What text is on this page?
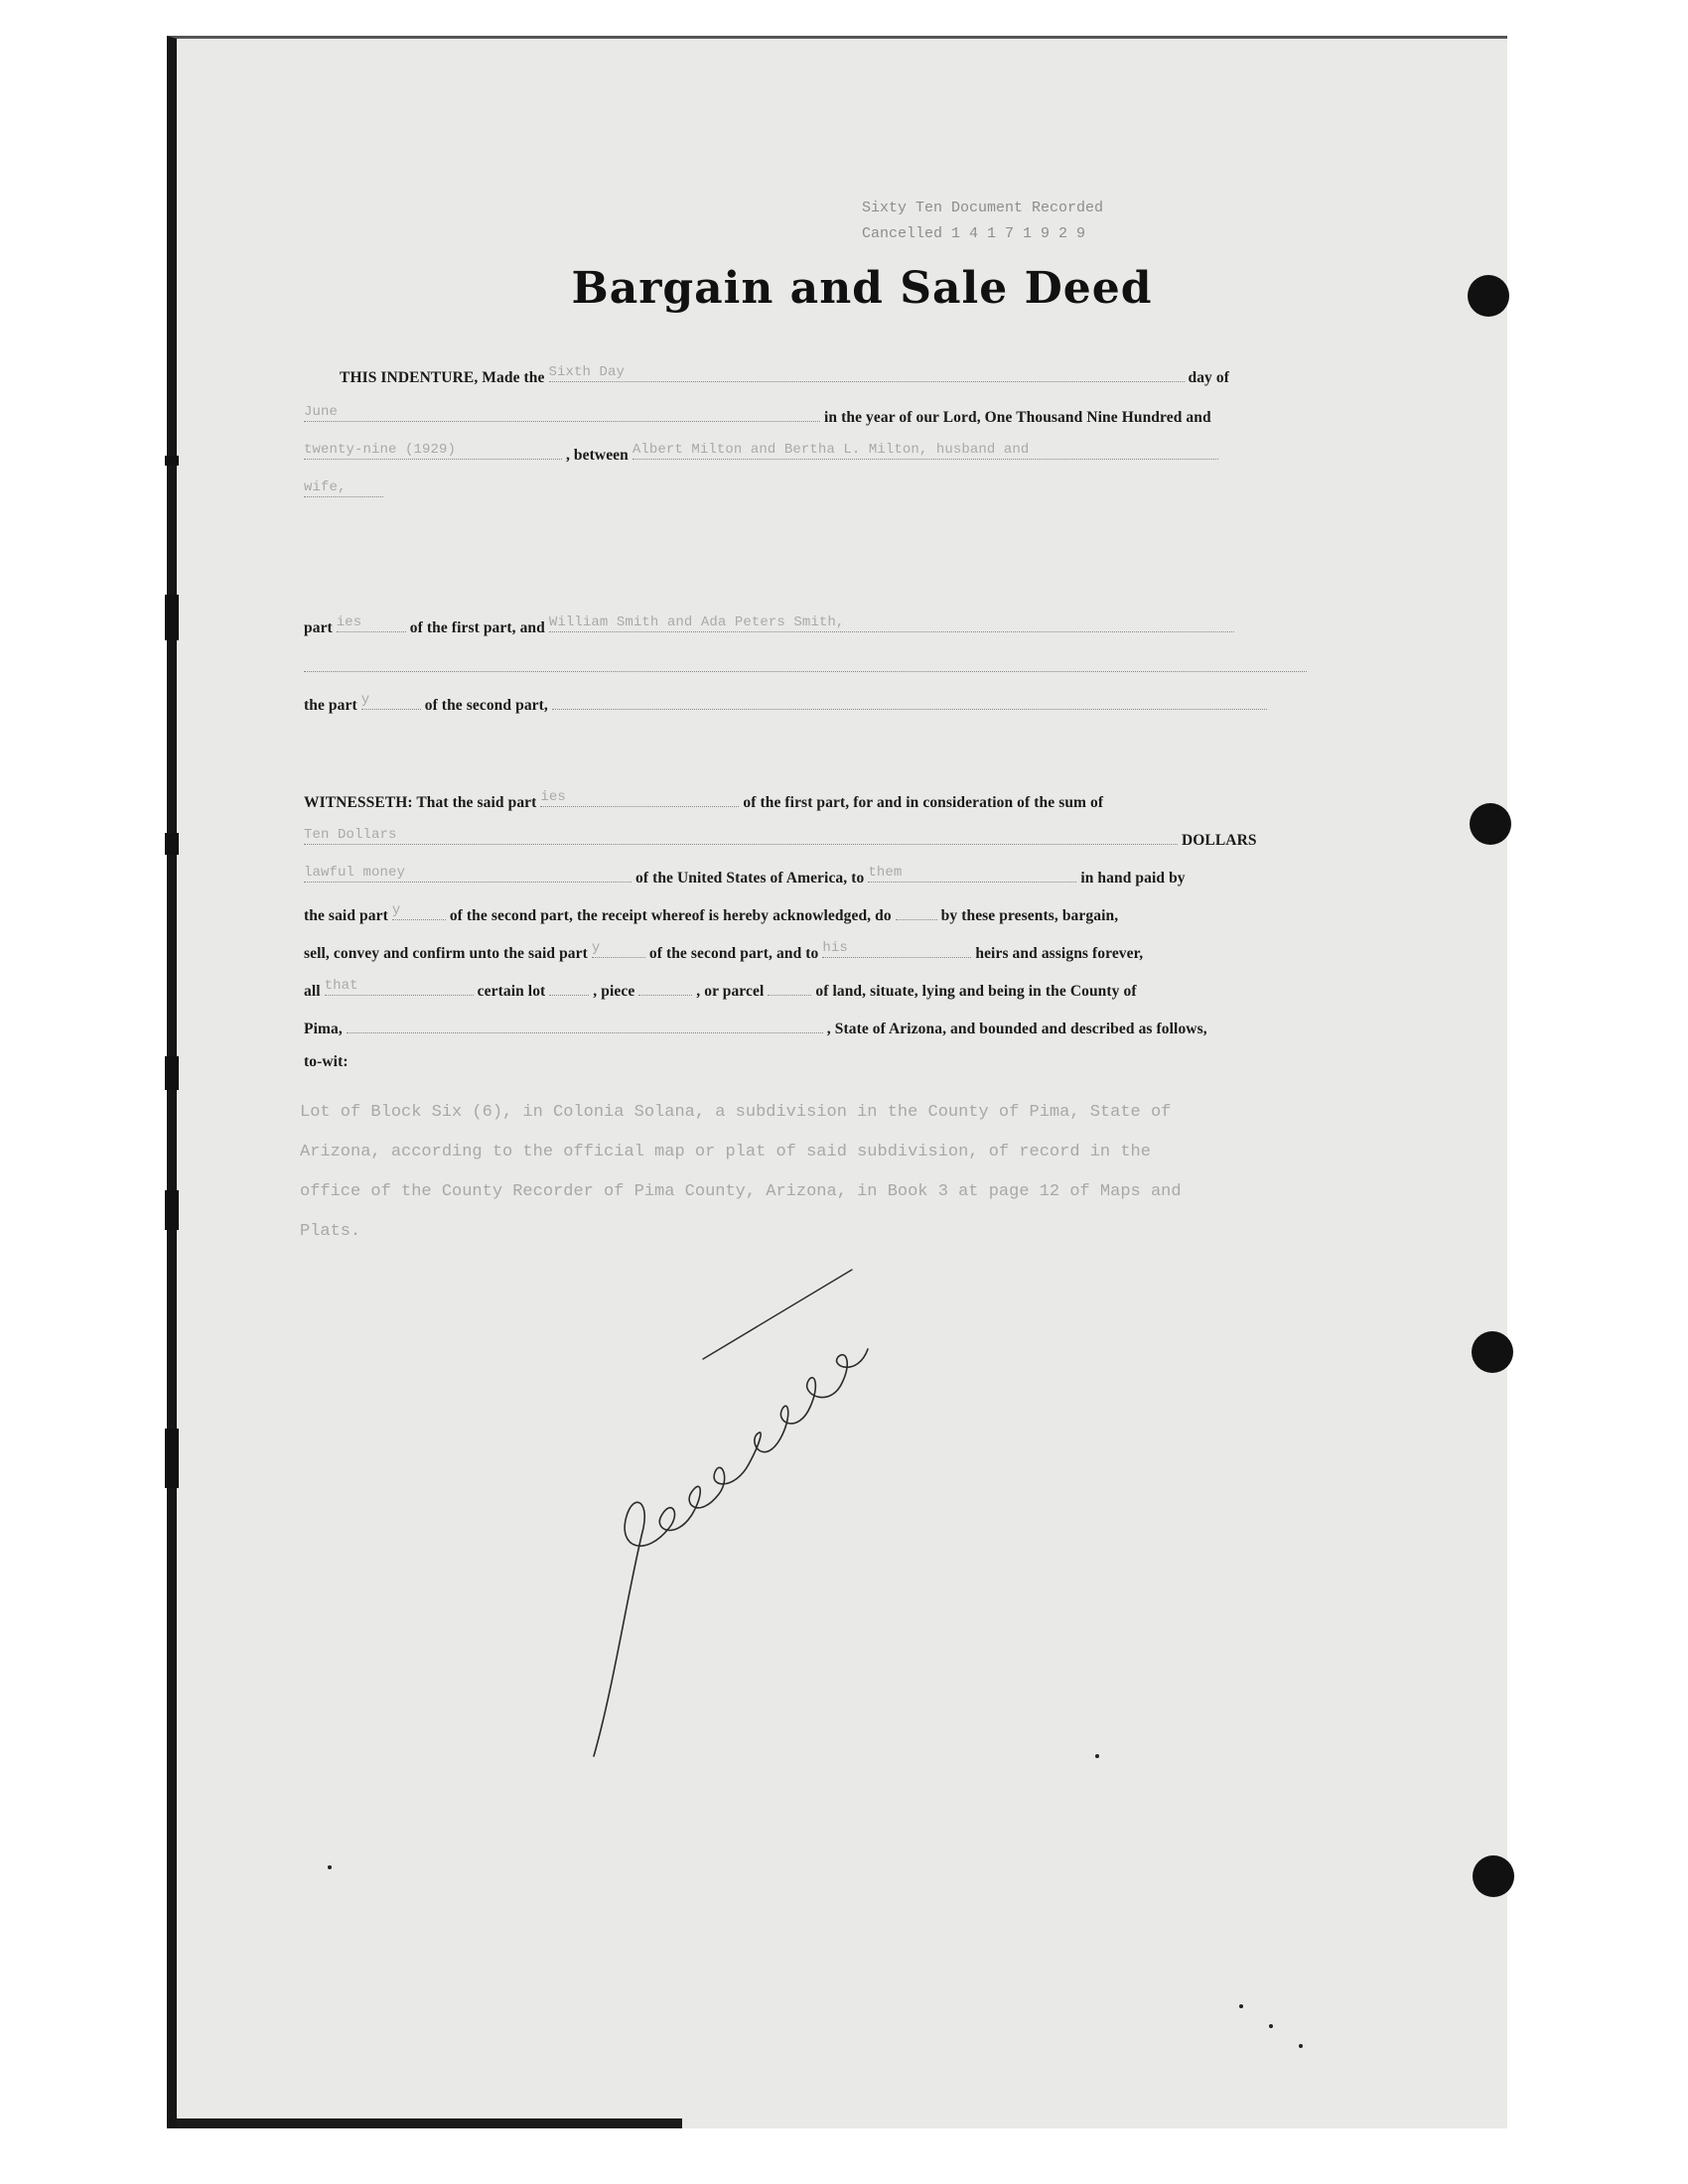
Sixty Ten Document Recorded
Cancelled 1 4 1 7 1 9 2 9
Bargain and Sale Deed
THIS INDENTURE, Made the Sixth Day	day of
June	in the year of our Lord, One Thousand Nine Hundred and
twenty-nine (1929)	, between Albert Milton and Bertha L. Milton, husband and
wife,
part ies	of the first part, and William Smith and Ada Peters Smith,
the part y	of the second part,
WITNESSETH: That the said part ies	of the first part, for and in consideration of the sum of
Ten Dollars	DOLLARS
lawful money	of the United States of America, to them	in hand paid by
the said part y	of the second part, the receipt whereof is hereby acknowledged, do	by these presents, bargain,
sell, convey and confirm unto the said part y	of the second part, and to his	heirs and assigns forever,
all that	certain lot	, piece	, or parcel	of land, situate, lying and being in the County of
Pima,	, State of Arizona, and bounded and described as follows,
to-wit:
Lot of Block Six (6), in Colonia Solana, a subdivision in the County of Pima, State of
Arizona, according to the official map or plat of said subdivision, of record in the
office of the County Recorder of Pima County, Arizona, in Book 3 at page 12 of Maps and
Plats.
